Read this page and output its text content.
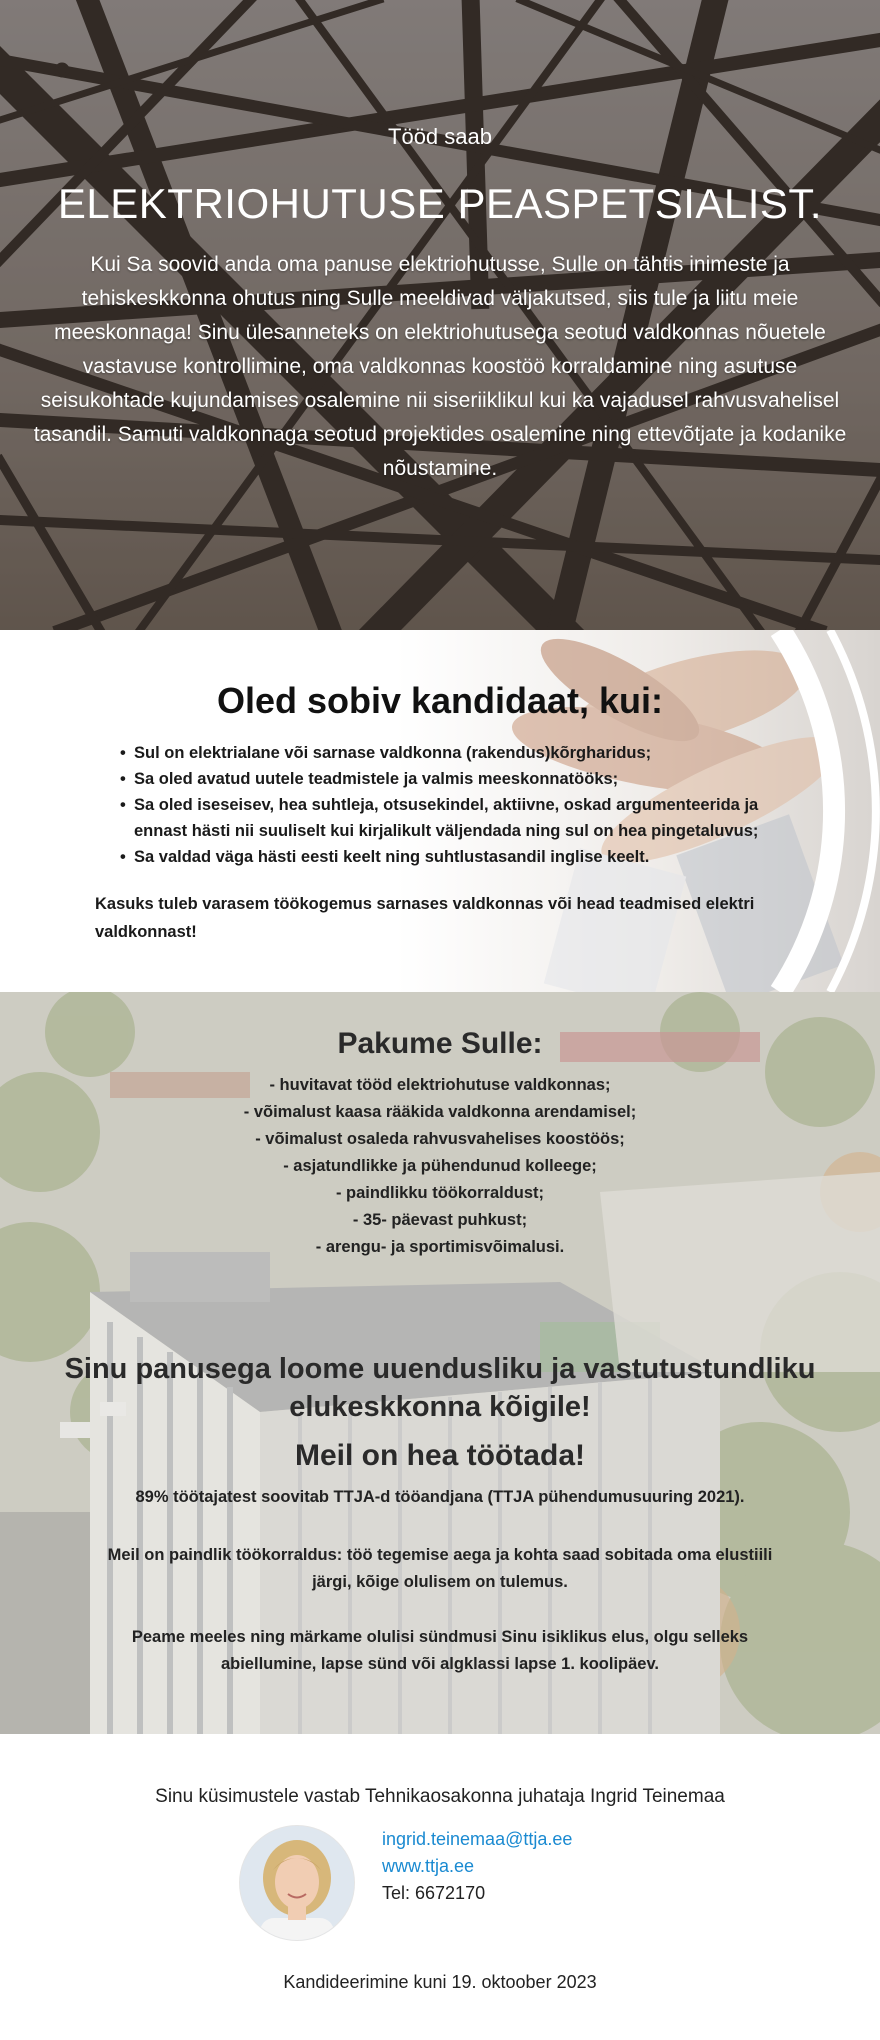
Tööd saab
ELEKTRIOHUTUSE PEASPETSIALIST.

Kui Sa soovid anda oma panuse elektriohutusse, Sulle on tähtis inimeste ja tehiskeskkonna ohutus ning Sulle meeldivad väljakutsed, siis tule ja liitu meie meeskonnaga! Sinu ülesanneteks on elektriohutusega seotud valdkonnas nõuetele vastavuse kontrollimine, oma valdkonnas koostöö korraldamine ning asutuse seisukohtade kujundamises osalemine nii siseriiklikul kui ka vajadusel rahvusvahelisel tasandil. Samuti valdkonnaga seotud projektides osalemine ning ettevõtjate ja kodanike nõustamine.

Oled sobiv kandidaat, kui:
• Sul on elektrialane või sarnase valdkonna (rakendus)kõrgharidus;
• Sa oled avatud uutele teadmistele ja valmis meeskonnatööks;
• Sa oled iseseisev, hea suhtleja, otsusekindel, aktiivne, oskad argumenteerida ja ennast hästi nii suuliselt kui kirjalikult väljendada ning sul on hea pingetaluvus;
• Sa valdad väga hästi eesti keelt ning suhtlustasandil inglise keelt.

Kasuks tuleb varasem töökogemus sarnases valdkonnas või head teadmised elektri valdkonnast!

Pakume Sulle:
- huvitavat tööd elektriohutuse valdkonnas;
- võimalust kaasa rääkida valdkonna arendamisel;
- võimalust osaleda rahvusvahelises koostöös;
- asjatundlikke ja pühendunud kolleege;
- paindlikku töökorraldust;
- 35- päevast puhkust;
- arengu- ja sportimisvõimalusi.
Sinu panusega loome uuendusliku ja vastutustundliku elukeskkonna kõigile!
Meil on hea töötada!

89% töötajatest soovitab TTJA-d tööandjana (TTJA pühendumusuuring 2021).

Meil on paindlik töökorraldus: töö tegemise aega ja kohta saad sobitada oma elustiili järgi, kõige olulisem on tulemus.

Peame meeles ning märkame olulisi sündmusi Sinu isiklikus elus, olgu selleks abiellumine, lapse sünd või algklassi lapse 1. koolipäev.

Sinu küsimustele vastab Tehnikaosakonna juhataja Ingrid Teinemaa

ingrid.teinemaa@ttja.ee
www.ttja.ee
Tel: 6672170

Kandideerimine kuni 19. oktoober 2023
